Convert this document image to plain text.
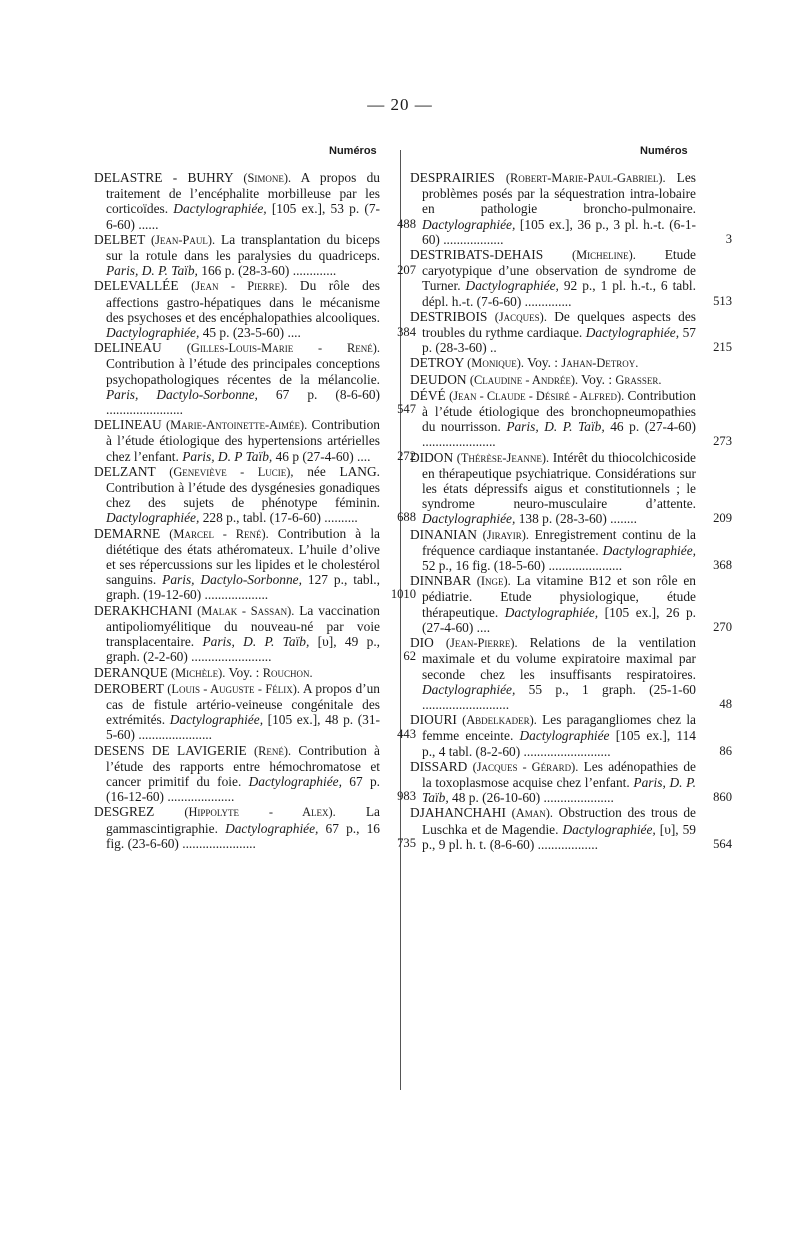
— 20 —
Numéros
DELASTRE - BUHRY (Simone). A propos du traitement de l’encéphalite morbilleuse par les corticoïdes. Dactylographiée, [105 ex.], 53 p. (7-6-60) ......	488
DELBET (Jean-Paul). La transplantation du biceps sur la rotule dans les paralysies du quadriceps. Paris, D. P. Taïb, 166 p. (28-3-60) .............	207
DELEVALLÉE (Jean - Pierre). Du rôle des affections gastro-hépatiques dans le mécanisme des psychoses et des encéphalopathies alcooliques. Dactylographiée, 45 p. (23-5-60) ....	384
DELINEAU (Gilles-Louis-Marie - René). Contribution à l’étude des principales conceptions psychopathologiques récentes de la mélancolie. Paris, Dactylo-Sorbonne, 67 p. (8-6-60) .......................	547
DELINEAU (Marie-Antoinette-Aimée). Contribution à l’étude étiologique des hypertensions artérielles chez l’enfant. Paris, D. P Taïb, 46 p (27-4-60) ....	272
DELZANT (Geneviève - Lucie), née LANG. Contribution à l’étude des dysgénesies gonadiques chez des sujets de phénotype féminin. Dactylographiée, 228 p., tabl. (17-6-60) ..........	688
DEMARNE (Marcel - René). Contribution à la diététique des états athéromateux. L’huile d’olive et ses répercussions sur les lipides et le cholestérol sanguins. Paris, Dactylo-Sorbonne, 127 p., tabl., graph. (19-12-60) ...................	1010
DERAKHCHANI (Malak - Sassan). La vaccination antipoliomyélitique du nouveau-né par voie transplacentaire. Paris, D. P. Taïb, [υ], 49 p., graph. (2-2-60) ........................	62
DERANQUE (Michèle). Voy. : Rouchon.
DEROBERT (Louis - Auguste - Félix). A propos d’un cas de fistule artério-veineuse congénitale des extrémités. Dactylographiée, [105 ex.], 48 p. (31-5-60) ......................	443
DESENS DE LAVIGERIE (René). Contribution à l’étude des rapports entre hémochromatose et cancer primitif du foie. Dactylographiée, 67 p. (16-12-60) ....................	983
DESGREZ (Hippolyte - Alex). La gammascintigraphie. Dactylographiée, 67 p., 16 fig. (23-6-60) ......................	735
Numéros
DESPRAIRIES (Robert-Marie-Paul-Gabriel). Les problèmes posés par la séquestration intra-lobaire en pathologie broncho-pulmonaire. Dactylographiée, [105 ex.], 36 p., 3 pl. h.-t. (6-1-60) ..................	3
DESTRIBATS-DEHAIS (Micheline). Etude caryotypique d’une observation de syndrome de Turner. Dactylographiée, 92 p., 1 pl. h.-t., 6 tabl. dépl. h.-t. (7-6-60) ..............	513
DESTRIBOIS (Jacques). De quelques aspects des troubles du rythme cardiaque. Dactylographiée, 57 p. (28-3-60) ..	215
DETROY (Monique). Voy. : Jahan-Detroy.
DEUDON (Claudine - Andrée). Voy. : Grasser.
DÉVÉ (Jean - Claude - Désiré - Alfred). Contribution à l’étude étiologique des bronchopneumopathies du nourrisson. Paris, D. P. Taïb, 46 p. (27-4-60) ......................	273
DIDON (Thérèse-Jeanne). Intérêt du thiocolchicoside en thérapeutique psychiatrique. Considérations sur les états dépressifs aigus et constitutionnels ; le syndrome neuro-musculaire d’attente. Dactylographiée, 138 p. (28-3-60) ........	209
DINANIAN (Jirayir). Enregistrement continu de la fréquence cardiaque instantanée. Dactylographiée, 52 p., 16 fig. (18-5-60) ......................	368
DINNBAR (Inge). La vitamine B12 et son rôle en pédiatrie. Etude physiologique, étude thérapeutique. Dactylographiée, [105 ex.], 26 p. (27-4-60) ....	270
DIO (Jean-Pierre). Relations de la ventilation maximale et du volume expiratoire maximal par seconde chez les insuffisants respiratoires. Dactylographiée, 55 p., 1 graph. (25-1-60 ..........................	48
DIOURI (Abdelkader). Les paragangliomes chez la femme enceinte. Dactylographiée [105 ex.], 114 p., 4 tabl. (8-2-60) ..........................	86
DISSARD (Jacques - Gérard). Les adénopathies de la toxoplasmose acquise chez l’enfant. Paris, D. P. Taïb, 48 p. (26-10-60) .....................	860
DJAHANCHAHI (Aman). Obstruction des trous de Luschka et de Magendie. Dactylographiée, [υ], 59 p., 9 pl. h. t. (8-6-60) ..................	564
